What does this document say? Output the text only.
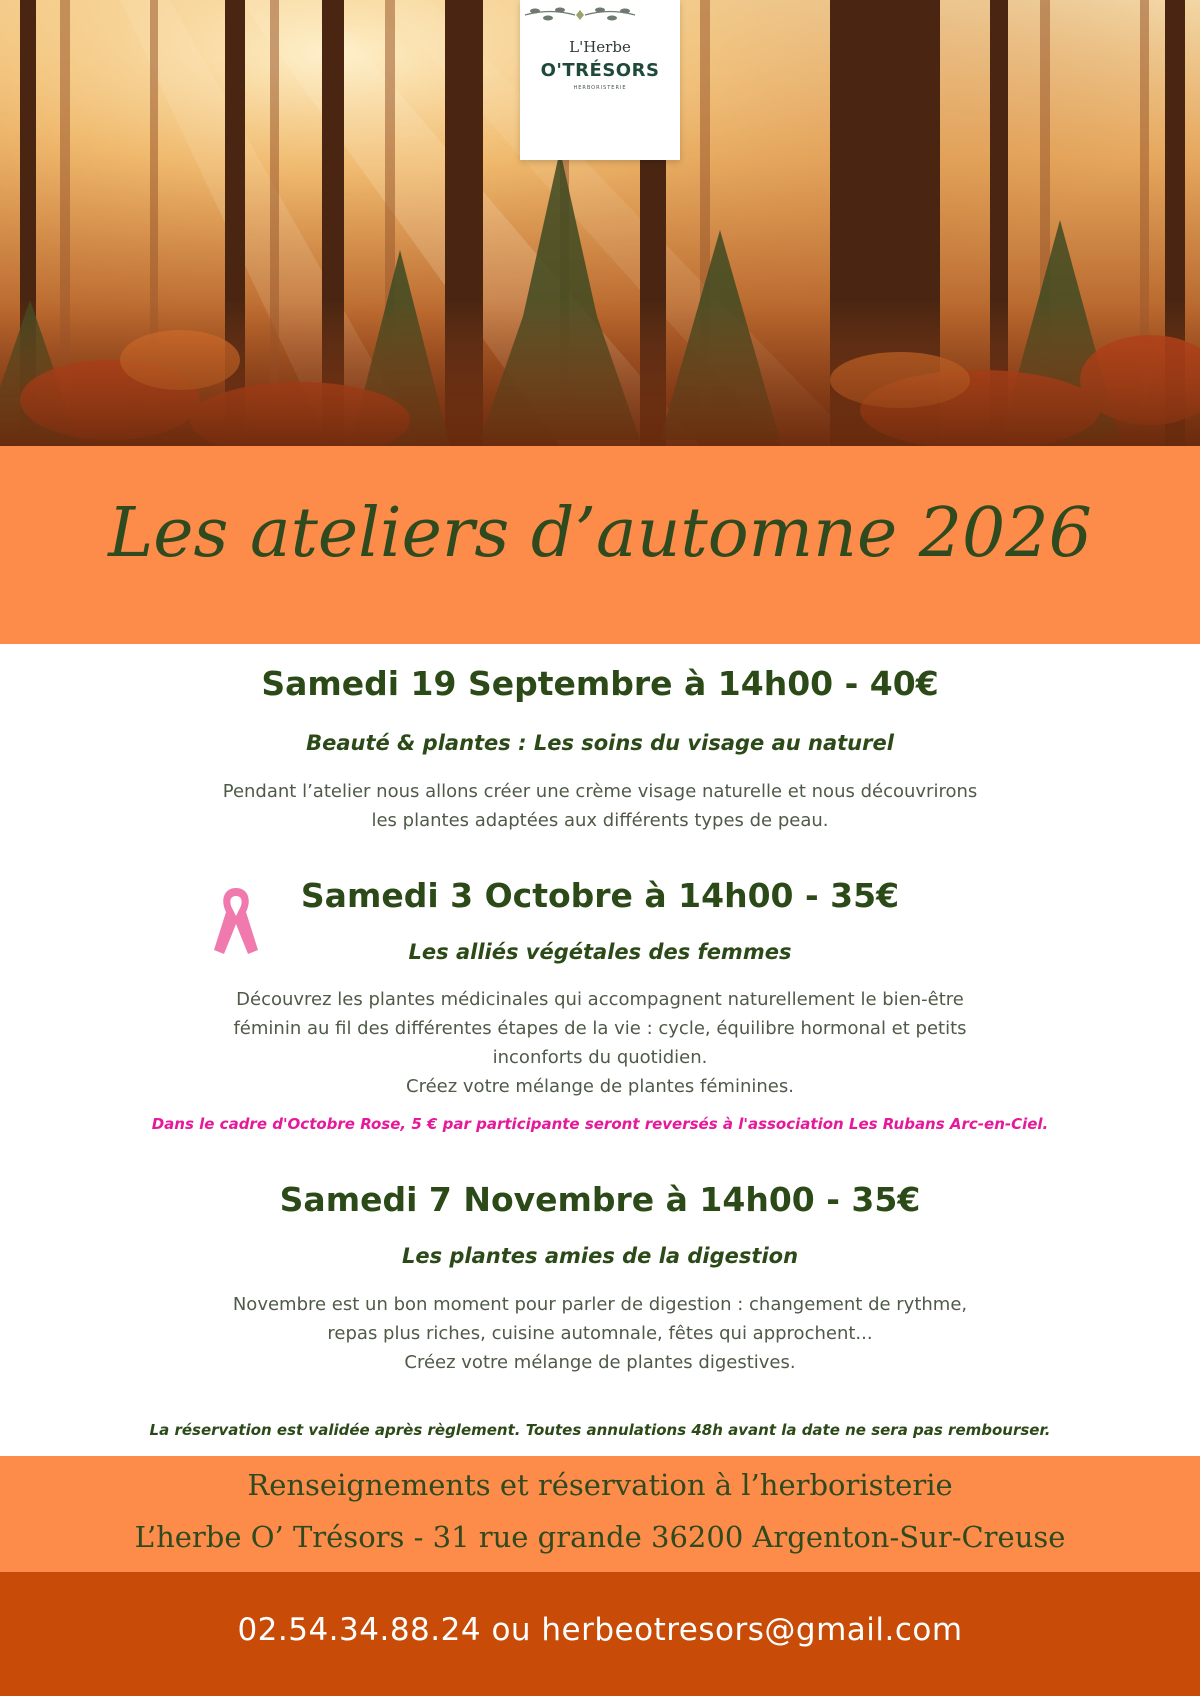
L'Herbe
O'TRÉSORS
HERBORISTERIE
Les ateliers d’automne 2026
Samedi 19 Septembre à 14h00 - 40€
Beauté & plantes : Les soins du visage au naturel
Pendant l’atelier nous allons créer une crème visage naturelle et nous découvrirons
les plantes adaptées aux différents types de peau.
Samedi 3 Octobre à 14h00 - 35€
Les alliés végétales des femmes
Découvrez les plantes médicinales qui accompagnent naturellement le bien-être
féminin au fil des différentes étapes de la vie : cycle, équilibre hormonal et petits
inconforts du quotidien.
Créez votre mélange de plantes féminines.
Dans le cadre d'Octobre Rose, 5 € par participante seront reversés à l'association Les Rubans Arc-en-Ciel.
Samedi 7 Novembre à 14h00 - 35€
Les plantes amies de la digestion
Novembre est un bon moment pour parler de digestion : changement de rythme,
repas plus riches, cuisine automnale, fêtes qui approchent...
Créez votre mélange de plantes digestives.
La réservation est validée après règlement. Toutes annulations 48h avant la date ne sera pas rembourser.
Renseignements et réservation à l’herboristerie
L’herbe O’ Trésors - 31 rue grande 36200 Argenton-Sur-Creuse
02.54.34.88.24 ou herbeotresors@gmail.com
